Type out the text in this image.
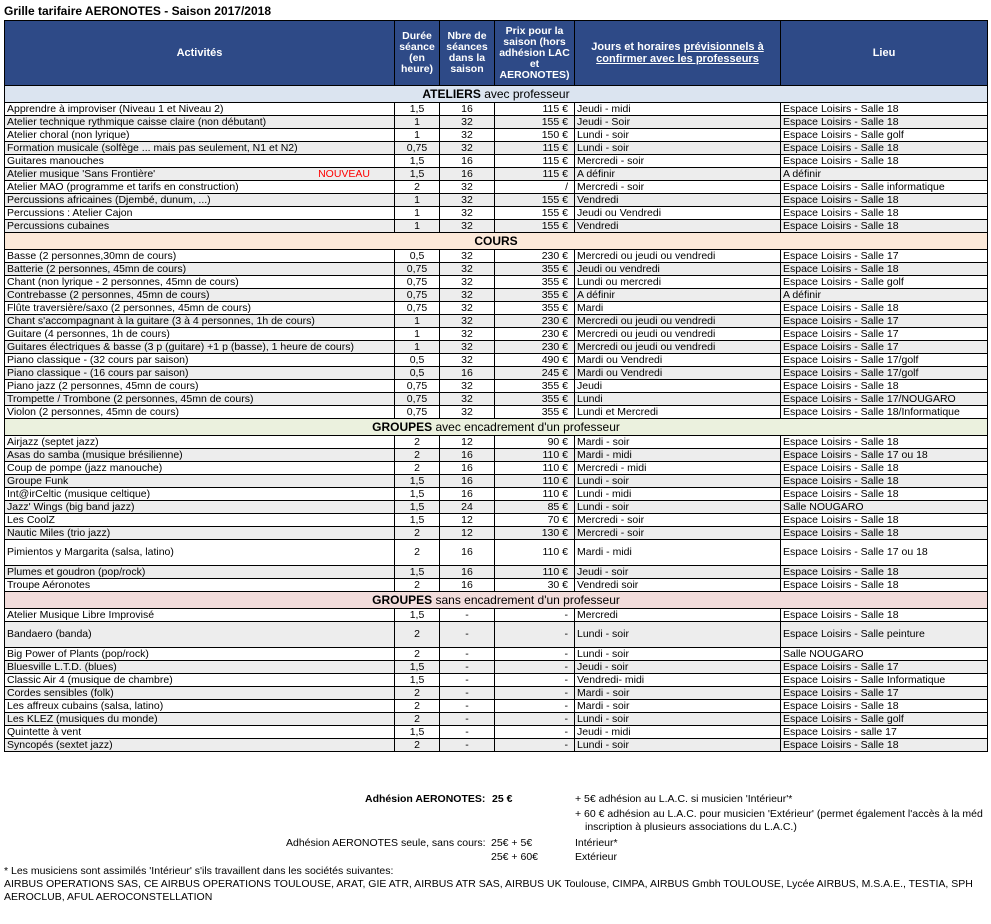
Grille tarifaire AERONOTES - Saison 2017/2018
Activités	Durée séance (en heure)	Nbre de séances dans la saison	Prix pour la saison (hors adhésion LAC et AERONOTES)	Jours et horaires prévisionnels à confirmer avec les professeurs	Lieu
ATELIERS avec professeur					
Apprendre à improviser (Niveau 1 et Niveau 2)	1,5	16	115 €	Jeudi - midi	Espace Loisirs - Salle 18
Atelier technique rythmique caisse claire (non débutant)	1	32	155 €	Jeudi - Soir	Espace Loisirs - Salle 18
Atelier choral (non lyrique)	1	32	150 €	Lundi - soir	Espace Loisirs - Salle golf
Formation musicale (solfège ... mais pas seulement, N1 et N2)	0,75	32	115 €	Lundi - soir	Espace Loisirs - Salle 18
Guitares manouches	1,5	16	115 €	Mercredi - soir	Espace Loisirs - Salle 18

NOUVEAU
Atelier musique 'Sans Frontière'	1,5	16	115 €	A définir	A définir
Atelier MAO (programme et tarifs en construction)	2	32	/	Mercredi - soir	Espace Loisirs - Salle informatique
Percussions africaines (Djembé, dunum, ...)	1	32	155 €	Vendredi	Espace Loisirs - Salle 18
Percussions : Atelier Cajon	1	32	155 €	Jeudi ou Vendredi	Espace Loisirs - Salle 18
Percussions cubaines	1	32	155 €	Vendredi	Espace Loisirs - Salle 18
COURS					
Basse (2 personnes,30mn de cours)	0,5	32	230 €	Mercredi ou jeudi ou vendredi	Espace Loisirs - Salle 17
Batterie (2 personnes, 45mn de cours)	0,75	32	355 €	Jeudi ou vendredi	Espace Loisirs - Salle 18
Chant (non lyrique - 2 personnes, 45mn de cours)	0,75	32	355 €	Lundi ou mercredi	Espace Loisirs - Salle golf
Contrebasse (2 personnes, 45mn de cours)	0,75	32	355 €	A définir	A définir
Flûte traversière/saxo (2 personnes, 45mn de cours)	0,75	32	355 €	Mardi	Espace Loisirs - Salle 18
Chant s'accompagnant à la guitare (3 à 4 personnes, 1h de cours)	1	32	230 €	Mercredi ou jeudi ou vendredi	Espace Loisirs - Salle 17
Guitare (4 personnes, 1h de cours)	1	32	230 €	Mercredi ou jeudi ou vendredi	Espace Loisirs - Salle 17
Guitares électriques & basse (3 p (guitare) +1 p (basse), 1 heure de cours)	1	32	230 €	Mercredi ou jeudi ou vendredi	Espace Loisirs - Salle 17
Piano classique - (32 cours par saison)	0,5	32	490 €	Mardi ou Vendredi	Espace Loisirs - Salle 17/golf
Piano classique - (16 cours par saison)	0,5	16	245 €	Mardi ou Vendredi	Espace Loisirs - Salle 17/golf
Piano jazz (2 personnes, 45mn de cours)	0,75	32	355 €	Jeudi	Espace Loisirs - Salle 18
Trompette / Trombone (2 personnes, 45mn de cours)	0,75	32	355 €	Lundi	Espace Loisirs - Salle 17/NOUGARO
Violon (2 personnes, 45mn de cours)	0,75	32	355 €	Lundi et Mercredi	Espace Loisirs - Salle 18/Informatique
GROUPES avec encadrement d'un professeur					
Airjazz (septet jazz)	2	12	90 €	Mardi - soir	Espace Loisirs - Salle 18
Asas do samba (musique brésilienne)	2	16	110 €	Mardi - midi	Espace Loisirs - Salle 17 ou 18
Coup de pompe (jazz manouche)	2	16	110 €	Mercredi - midi	Espace Loisirs - Salle 18
Groupe Funk	1,5	16	110 €	Lundi - soir	Espace Loisirs - Salle 18
Int@irCeltic (musique celtique)	1,5	16	110 €	Lundi - midi	Espace Loisirs - Salle 18
Jazz' Wings (big band jazz)	1,5	24	85 €	Lundi - soir	Salle NOUGARO
Les CoolZ	1,5	12	70 €	Mercredi - soir	Espace Loisirs - Salle 18
Nautic Miles (trio jazz)	2	12	130 €	Mercredi - soir	Espace Loisirs - Salle 18
Pimientos y Margarita (salsa, latino)	2	16	110 €	Mardi - midi	Espace Loisirs - Salle 17 ou 18
Plumes et goudron (pop/rock)	1,5	16	110 €	Jeudi - soir	Espace Loisirs - Salle 18
Troupe Aéronotes	2	16	30 €	Vendredi soir	Espace Loisirs - Salle 18
GROUPES sans encadrement d'un professeur					
Atelier Musique Libre Improvisé	1,5	-	-	Mercredi	Espace Loisirs - Salle 18
Bandaero (banda)	2	-	-	Lundi - soir	Espace Loisirs - Salle peinture
Big Power of Plants (pop/rock)	2	-	-	Lundi - soir	Salle NOUGARO
Bluesville L.T.D. (blues)	1,5	-	-	Jeudi - soir	Espace Loisirs - Salle 17
Classic Air 4 (musique de chambre)	1,5	-	-	Vendredi- midi	Espace Loisirs - Salle Informatique
Cordes sensibles (folk)	2	-	-	Mardi - soir	Espace Loisirs - Salle 17
Les affreux cubains (salsa, latino)	2	-	-	Mardi - soir	Espace Loisirs - Salle 18
Les KLEZ (musiques du monde)	2	-	-	Lundi - soir	Espace Loisirs - Salle golf
Quintette à vent	1,5	-	-	Jeudi - midi	Espace Loisirs - salle 17
Syncopés (sextet jazz)	2	-	-	Lundi - soir	Espace Loisirs - Salle 18
Adhésion AERONOTES: 25 €	+ 5€ adhésion au L.A.C. si musicien 'Intérieur'*
+ 60 € adhésion au L.A.C. pour musicien 'Extérieur' (permet également l'accès à la méd
inscription à plusieurs associations du L.A.C.)
Adhésion AERONOTES seule, sans cours: 25€ + 5€	Intérieur*
25€ + 60€	Extérieur
* Les musiciens sont assimilés 'Intérieur' s'ils travaillent dans les sociétés suivantes:
AIRBUS OPERATIONS SAS, CE AIRBUS OPERATIONS TOULOUSE, ARAT, GIE ATR, AIRBUS ATR SAS, AIRBUS UK Toulouse, CIMPA, AIRBUS Gmbh TOULOUSE, Lycée AIRBUS, M.S.A.E., TESTIA, SPH
AEROCLUB, AFUL AEROCONSTELLATION
